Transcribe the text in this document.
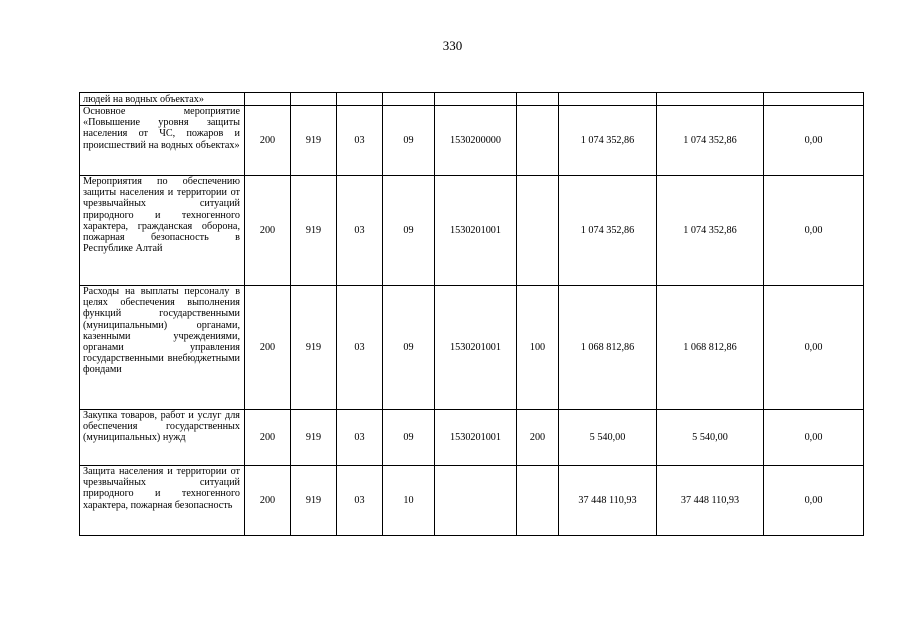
330
людей на водных объектах»									
Основное мероприятие «Повышение уровня защиты населения от ЧС, пожаров и происшествий на водных объектах»	200	919	03	09	1530200000		1 074 352,86	1 074 352,86	0,00
Мероприятия по обеспечению защиты населения и территории от чрезвычайных ситуаций природного и техногенного характера, гражданская оборона, пожарная безопасность в Республике Алтай	200	919	03	09	1530201001		1 074 352,86	1 074 352,86	0,00
Расходы на выплаты персоналу в целях обеспечения выполнения функций государственными (муниципальными) органами, казенными учреждениями, органами управления государственными внебюджетными фондами	200	919	03	09	1530201001	100	1 068 812,86	1 068 812,86	0,00
Закупка товаров, работ и услуг для обеспечения государственных (муниципальных) нужд	200	919	03	09	1530201001	200	5 540,00	5 540,00	0,00
Защита населения и территории от чрезвычайных ситуаций природного и техногенного характера, пожарная безопасность	200	919	03	10			37 448 110,93	37 448 110,93	0,00
